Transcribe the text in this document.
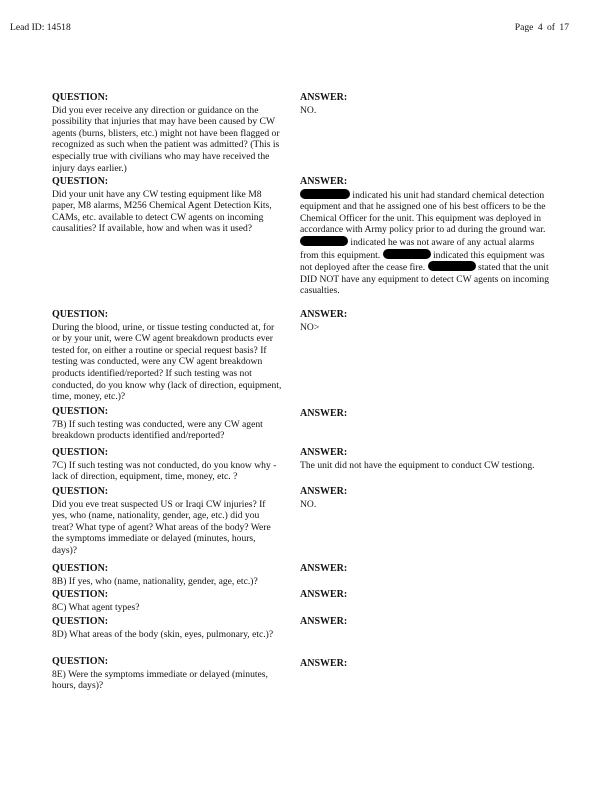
Lead ID: 14518	Page 4 of 17
QUESTION:
Did you ever receive any direction or guidance on the possibility that injuries that may have been caused by CW agents (burns, blisters, etc.) might not have been flagged or recognized as such when the patient was admitted? (This is especially true with civilians who may have received the injury days earlier.)
ANSWER:
NO.
QUESTION:
Did your unit have any CW testing equipment like M8 paper, M8 alarms, M256 Chemical Agent Detection Kits, CAMs, etc. available to detect CW agents on incoming causalities? If available, how and when was it used?
ANSWER:
indicated his unit had standard chemical detection equipment and that he assigned one of his best officers to be the Chemical Officer for the unit. This equipment was deployed in accordance with Army policy prior to ad during the ground war.  indicated he was not aware of any actual alarms from this equipment.	indicated this equipment was not deployed after the cease fire.	stated that the unit DID NOT have any equipment to detect CW agents on incoming casualties.
QUESTION:
During the blood, urine, or tissue testing conducted at, for or by your unit, were CW agent breakdown products ever tested for, on either a routine or special request basis? If testing was conducted, were any CW agent breakdown products identified/reported? If such testing was not conducted, do you know why (lack of direction, equipment, time, money, etc.)?
ANSWER:
NO>
QUESTION:
7B) If such testing was conducted, were any CW agent breakdown products identified and/reported?
ANSWER:
QUESTION:
7C) If such testing was not conducted, do you know why - lack of direction, equipment, time, money, etc. ?
ANSWER:
The unit did not have the equipment to conduct CW testiong.
QUESTION:
Did you eve treat suspected US or Iraqi CW injuries? If yes, who (name, nationality, gender, age, etc.) did you treat? What type of agent? What areas of the body? Were the symptoms immediate or delayed (minutes, hours, days)?
ANSWER:
NO.
QUESTION:
8B) If yes, who (name, nationality, gender, age, etc.)?
ANSWER:
QUESTION:
8C) What agent types?
ANSWER:
QUESTION:
8D) What areas of the body (skin, eyes, pulmonary, etc.)?
ANSWER:
QUESTION:
8E) Were the symptoms immediate or delayed (minutes, hours, days)?
ANSWER:
